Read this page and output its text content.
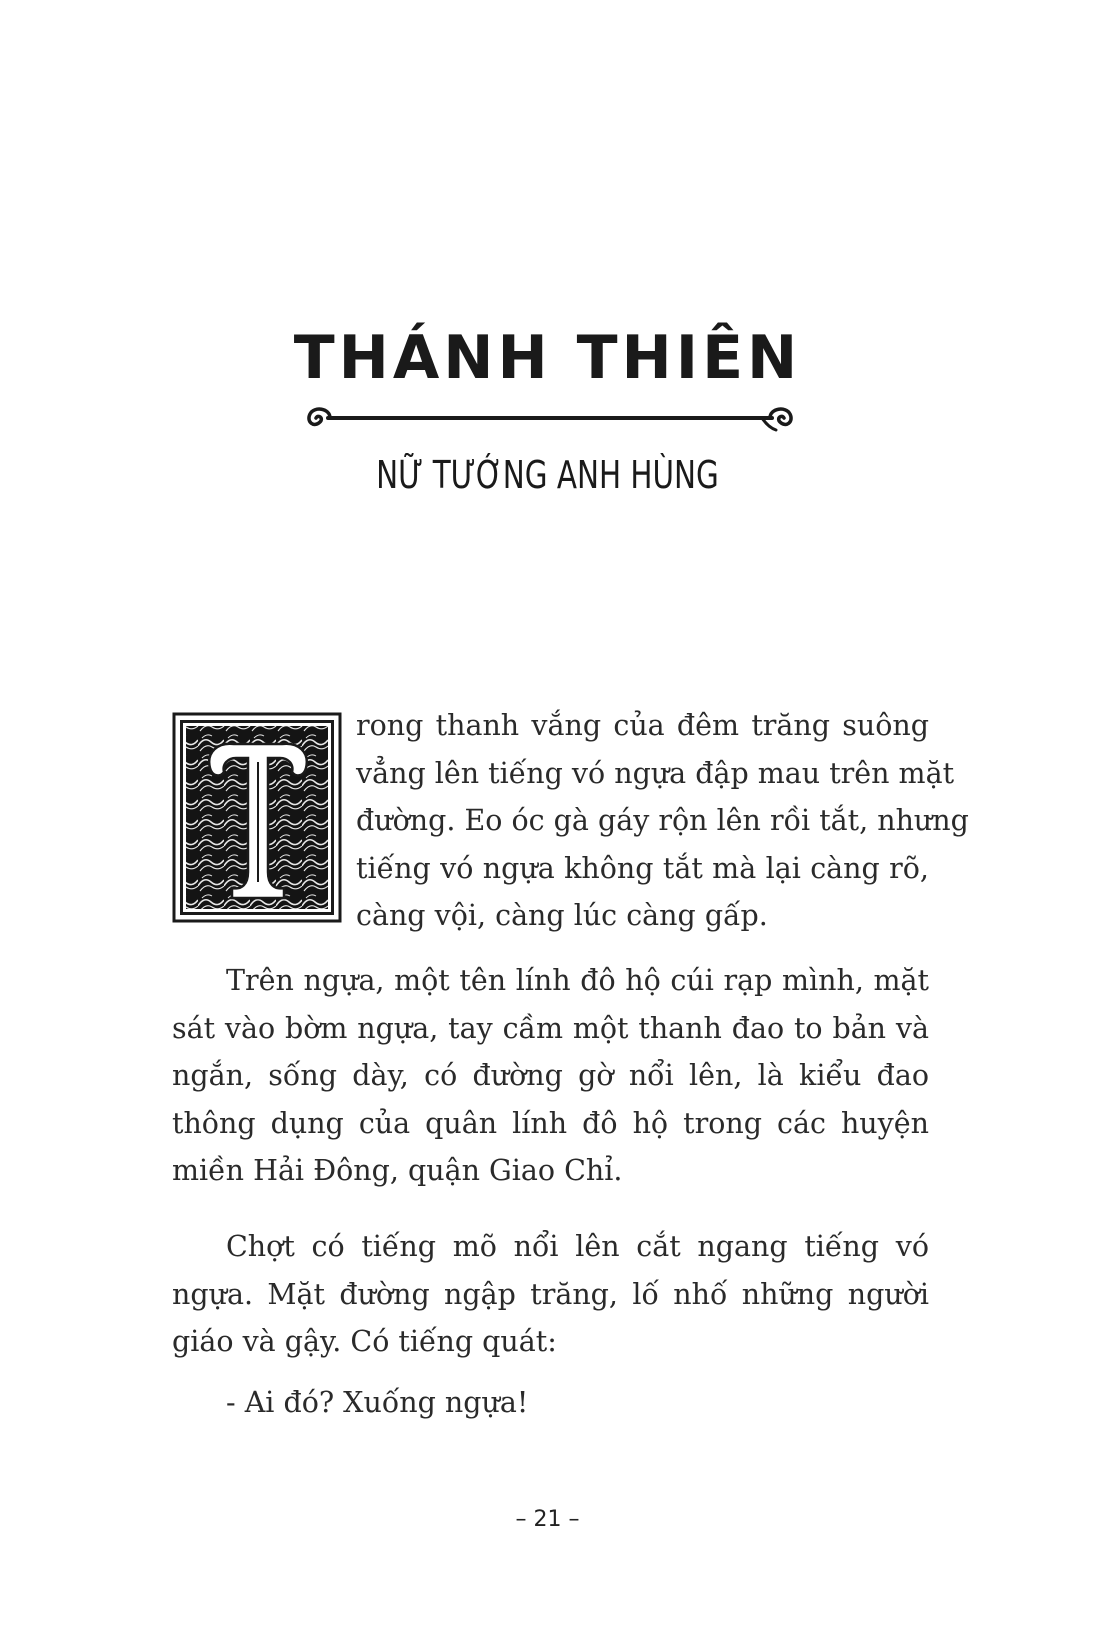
THÁNH THIÊN
NỮ TƯỚNG ANH HÙNG
rong thanh vắng của đêm trăng suông
vẳng lên tiếng vó ngựa đập mau trên mặt
đường. Eo óc gà gáy rộn lên rồi tắt, nhưng
tiếng vó ngựa không tắt mà lại càng rõ,
càng vội, càng lúc càng gấp.

Trên ngựa, một tên lính đô hộ cúi rạp mình, mặt sát vào bờm ngựa, tay cầm một thanh đao to bản và ngắn, sống dày, có đường gờ nổi lên, là kiểu đao thông dụng của quân lính đô hộ trong các huyện miền Hải Đông, quận Giao Chỉ.

Chợt có tiếng mõ nổi lên cắt ngang tiếng vó ngựa. Mặt đường ngập trăng, lố nhố những người giáo và gậy. Có tiếng quát:

- Ai đó? Xuống ngựa!

– 21 –
